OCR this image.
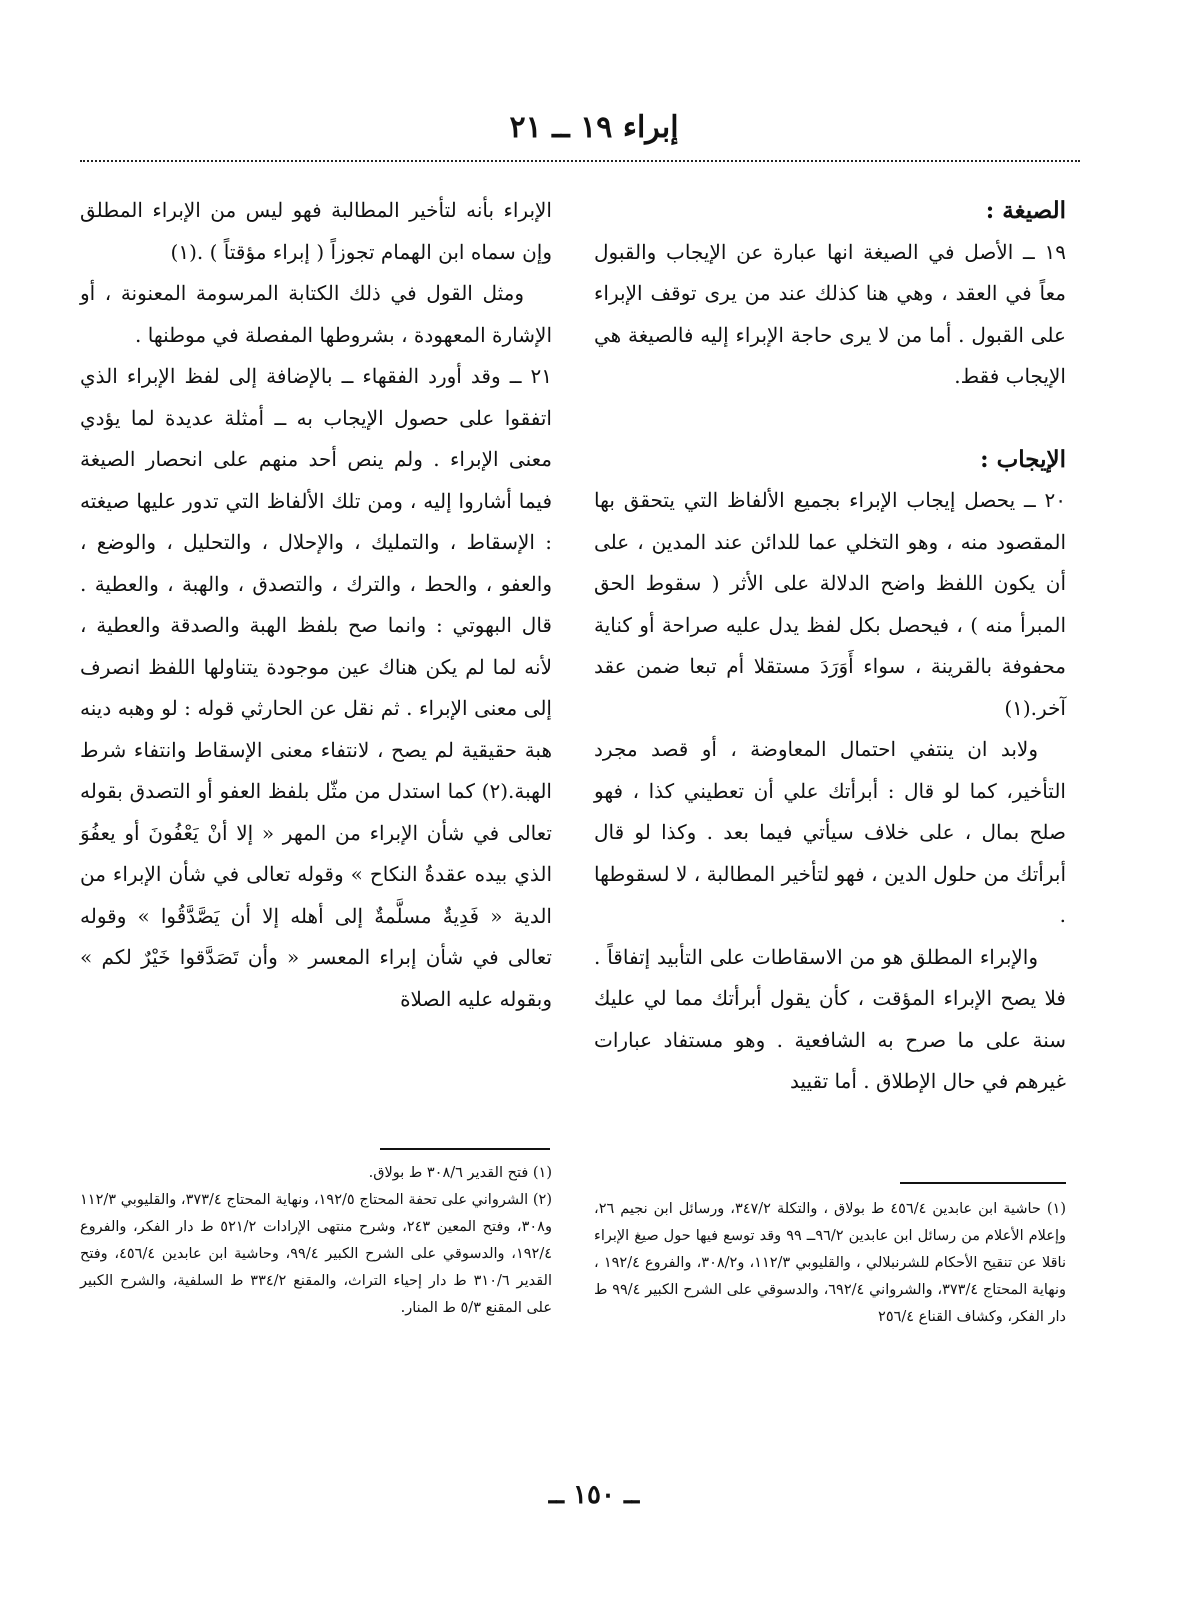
إبراء ١٩ ــ ٢١

الصيغة :

١٩ ــ الأصل في الصيغة انها عبارة عن الإيجاب والقبول معاً في العقد ، وهي هنا كذلك عند من يرى توقف الإبراء على القبول . أما من لا يرى حاجة الإبراء إليه فالصيغة هي الإيجاب فقط.

الإيجاب :

٢٠ ــ يحصل إيجاب الإبراء بجميع الألفاظ التي يتحقق بها المقصود منه ، وهو التخلي عما للدائن عند المدين ، على أن يكون اللفظ واضح الدلالة على الأثر ( سقوط الحق المبرأ منه ) ، فيحصل بكل لفظ يدل عليه صراحة أو كناية محفوفة بالقرينة ، سواء أَوَرَدَ مستقلا أم تبعا ضمن عقد آخر.(١)

ولابد ان ينتفي احتمال المعاوضة ، أو قصد مجرد التأخير، كما لو قال : أبرأتك علي أن تعطيني كذا ، فهو صلح بمال ، على خلاف سيأتي فيما بعد . وكذا لو قال أبرأتك من حلول الدين ، فهو لتأخير المطالبة ، لا لسقوطها .

والإبراء المطلق هو من الاسقاطات على التأبيد إتفاقاً . فلا يصح الإبراء المؤقت ، كأن يقول أبرأتك مما لي عليك سنة على ما صرح به الشافعية . وهو مستفاد عبارات غيرهم في حال الإطلاق . أما تقييد

الإبراء بأنه لتأخير المطالبة فهو ليس من الإبراء المطلق وإن سماه ابن الهمام تجوزاً ( إبراء مؤقتاً ) .(١)

ومثل القول في ذلك الكتابة المرسومة المعنونة ، أو الإشارة المعهودة ، بشروطها المفصلة في موطنها .

٢١ ــ وقد أورد الفقهاء ــ بالإضافة إلى لفظ الإبراء الذي اتفقوا على حصول الإيجاب به ــ أمثلة عديدة لما يؤدي معنى الإبراء . ولم ينص أحد منهم على انحصار الصيغة فيما أشاروا إليه ، ومن تلك الألفاظ التي تدور عليها صيغته : الإسقاط ، والتمليك ، والإحلال ، والتحليل ، والوضع ، والعفو ، والحط ، والترك ، والتصدق ، والهبة ، والعطية . قال البهوتي : وانما صح بلفظ الهبة والصدقة والعطية ، لأنه لما لم يكن هناك عين موجودة يتناولها اللفظ انصرف إلى معنى الإبراء . ثم نقل عن الحارثي قوله : لو وهبه دينه هبة حقيقية لم يصح ، لانتفاء معنى الإسقاط وانتفاء شرط الهبة.(٢) كما استدل من مثّل بلفظ العفو أو التصدق بقوله تعالى في شأن الإبراء من المهر « إلا أنْ يَعْفُونَ أو يعفُوَ الذي بيده عقدةُ النكاح » وقوله تعالى في شأن الإبراء من الدية « فَدِيةٌ مسلَّمةٌ إلى أهله إلا أن يَصَّدَّقُوا » وقوله تعالى في شأن إبراء المعسر « وأن تَصَدَّقوا خَيْرٌ لكم » وبقوله عليه الصلاة

(١) حاشية ابن عابدين ٤٥٦/٤ ط بولاق ، والتكلة ٣٤٧/٢، ورسائل ابن نجيم ٢٦، وإعلام الأعلام من رسائل ابن عابدين ٩٦/٢ــ ٩٩ وقد توسع فيها حول صيغ الإبراء ناقلا عن تنقيح الأحكام للشرنبلالي ، والقليوبي ١١٢/٣، و٣٠٨/٢، والفروع ١٩٢/٤ ، ونهاية المحتاج ٣٧٣/٤، والشرواني ٦٩٢/٤، والدسوقي على الشرح الكبير ٩٩/٤ ط دار الفكر، وكشاف القناع ٢٥٦/٤

(١) فتح القدير ٣٠٨/٦ ط بولاق.

(٢) الشرواني على تحفة المحتاج ١٩٢/٥، ونهاية المحتاج ٣٧٣/٤، والقليوبي ١١٢/٣ و٣٠٨، وفتح المعين ٢٤٣، وشرح منتهى الإرادات ٥٢١/٢ ط دار الفكر، والفروع ١٩٢/٤، والدسوقي على الشرح الكبير ٩٩/٤، وحاشية ابن عابدين ٤٥٦/٤، وفتح القدير ٣١٠/٦ ط دار إحياء التراث، والمقنع ٣٣٤/٢ ط السلفية، والشرح الكبير على المقنع ٥/٣ ط المنار.

ــ ١٥٠ ــ
